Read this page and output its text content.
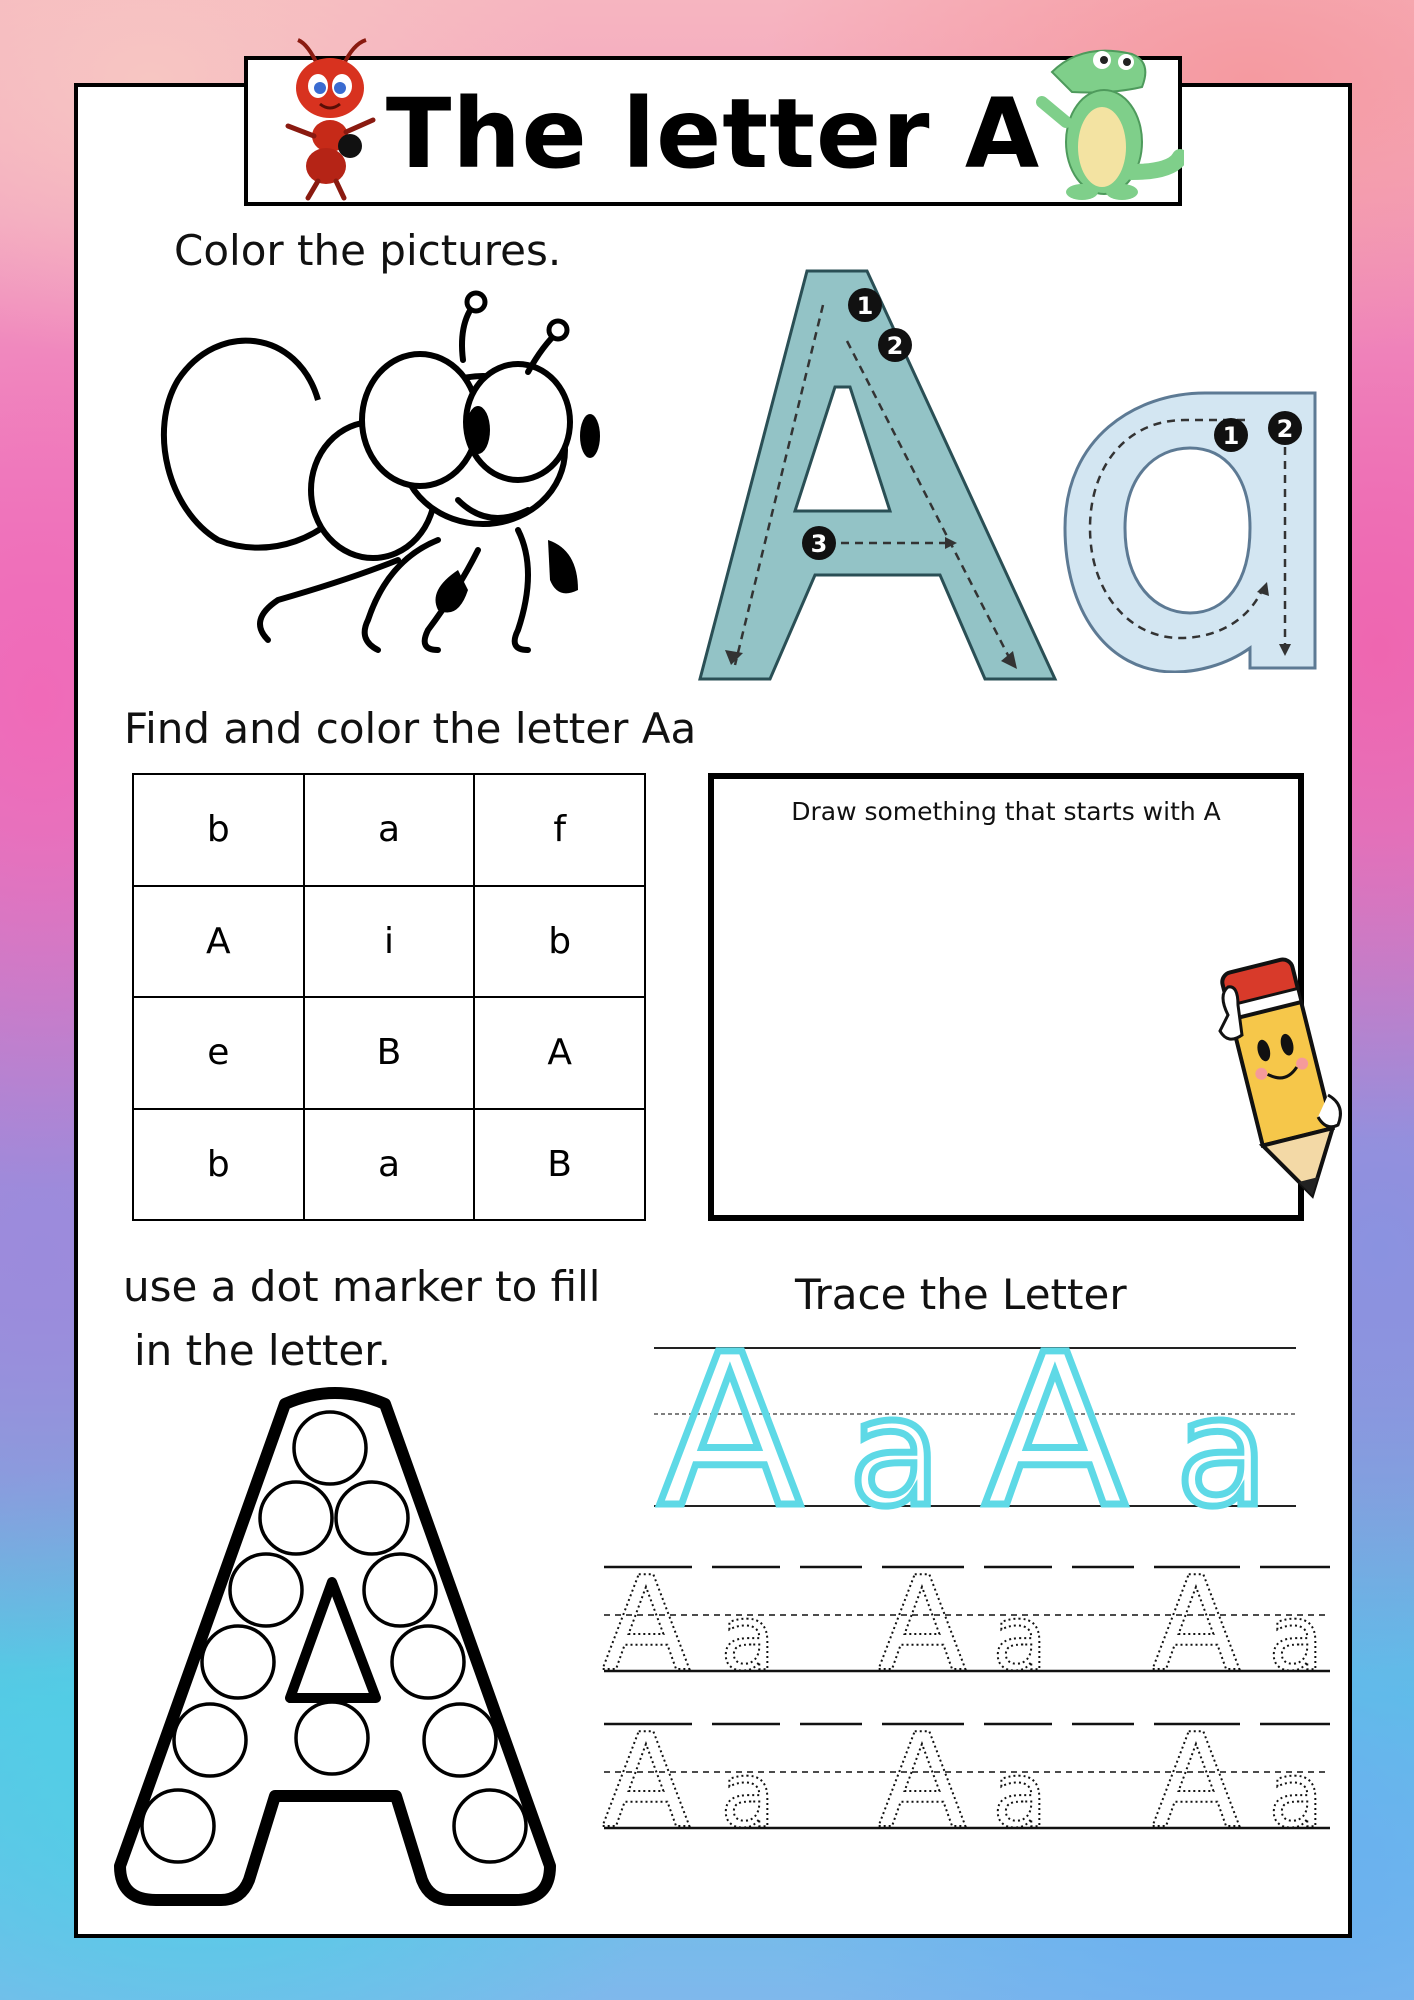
The letter A
Color the pictures.
1
2
3
1 2
Find and color the letter Aa
b	a	f
A	i	b
e	B	A
b	a	B
Draw something that starts with A
use a dot marker to fill
in the letter.
Trace the Letter
A a A a
A a A a A a
A a A a A a
